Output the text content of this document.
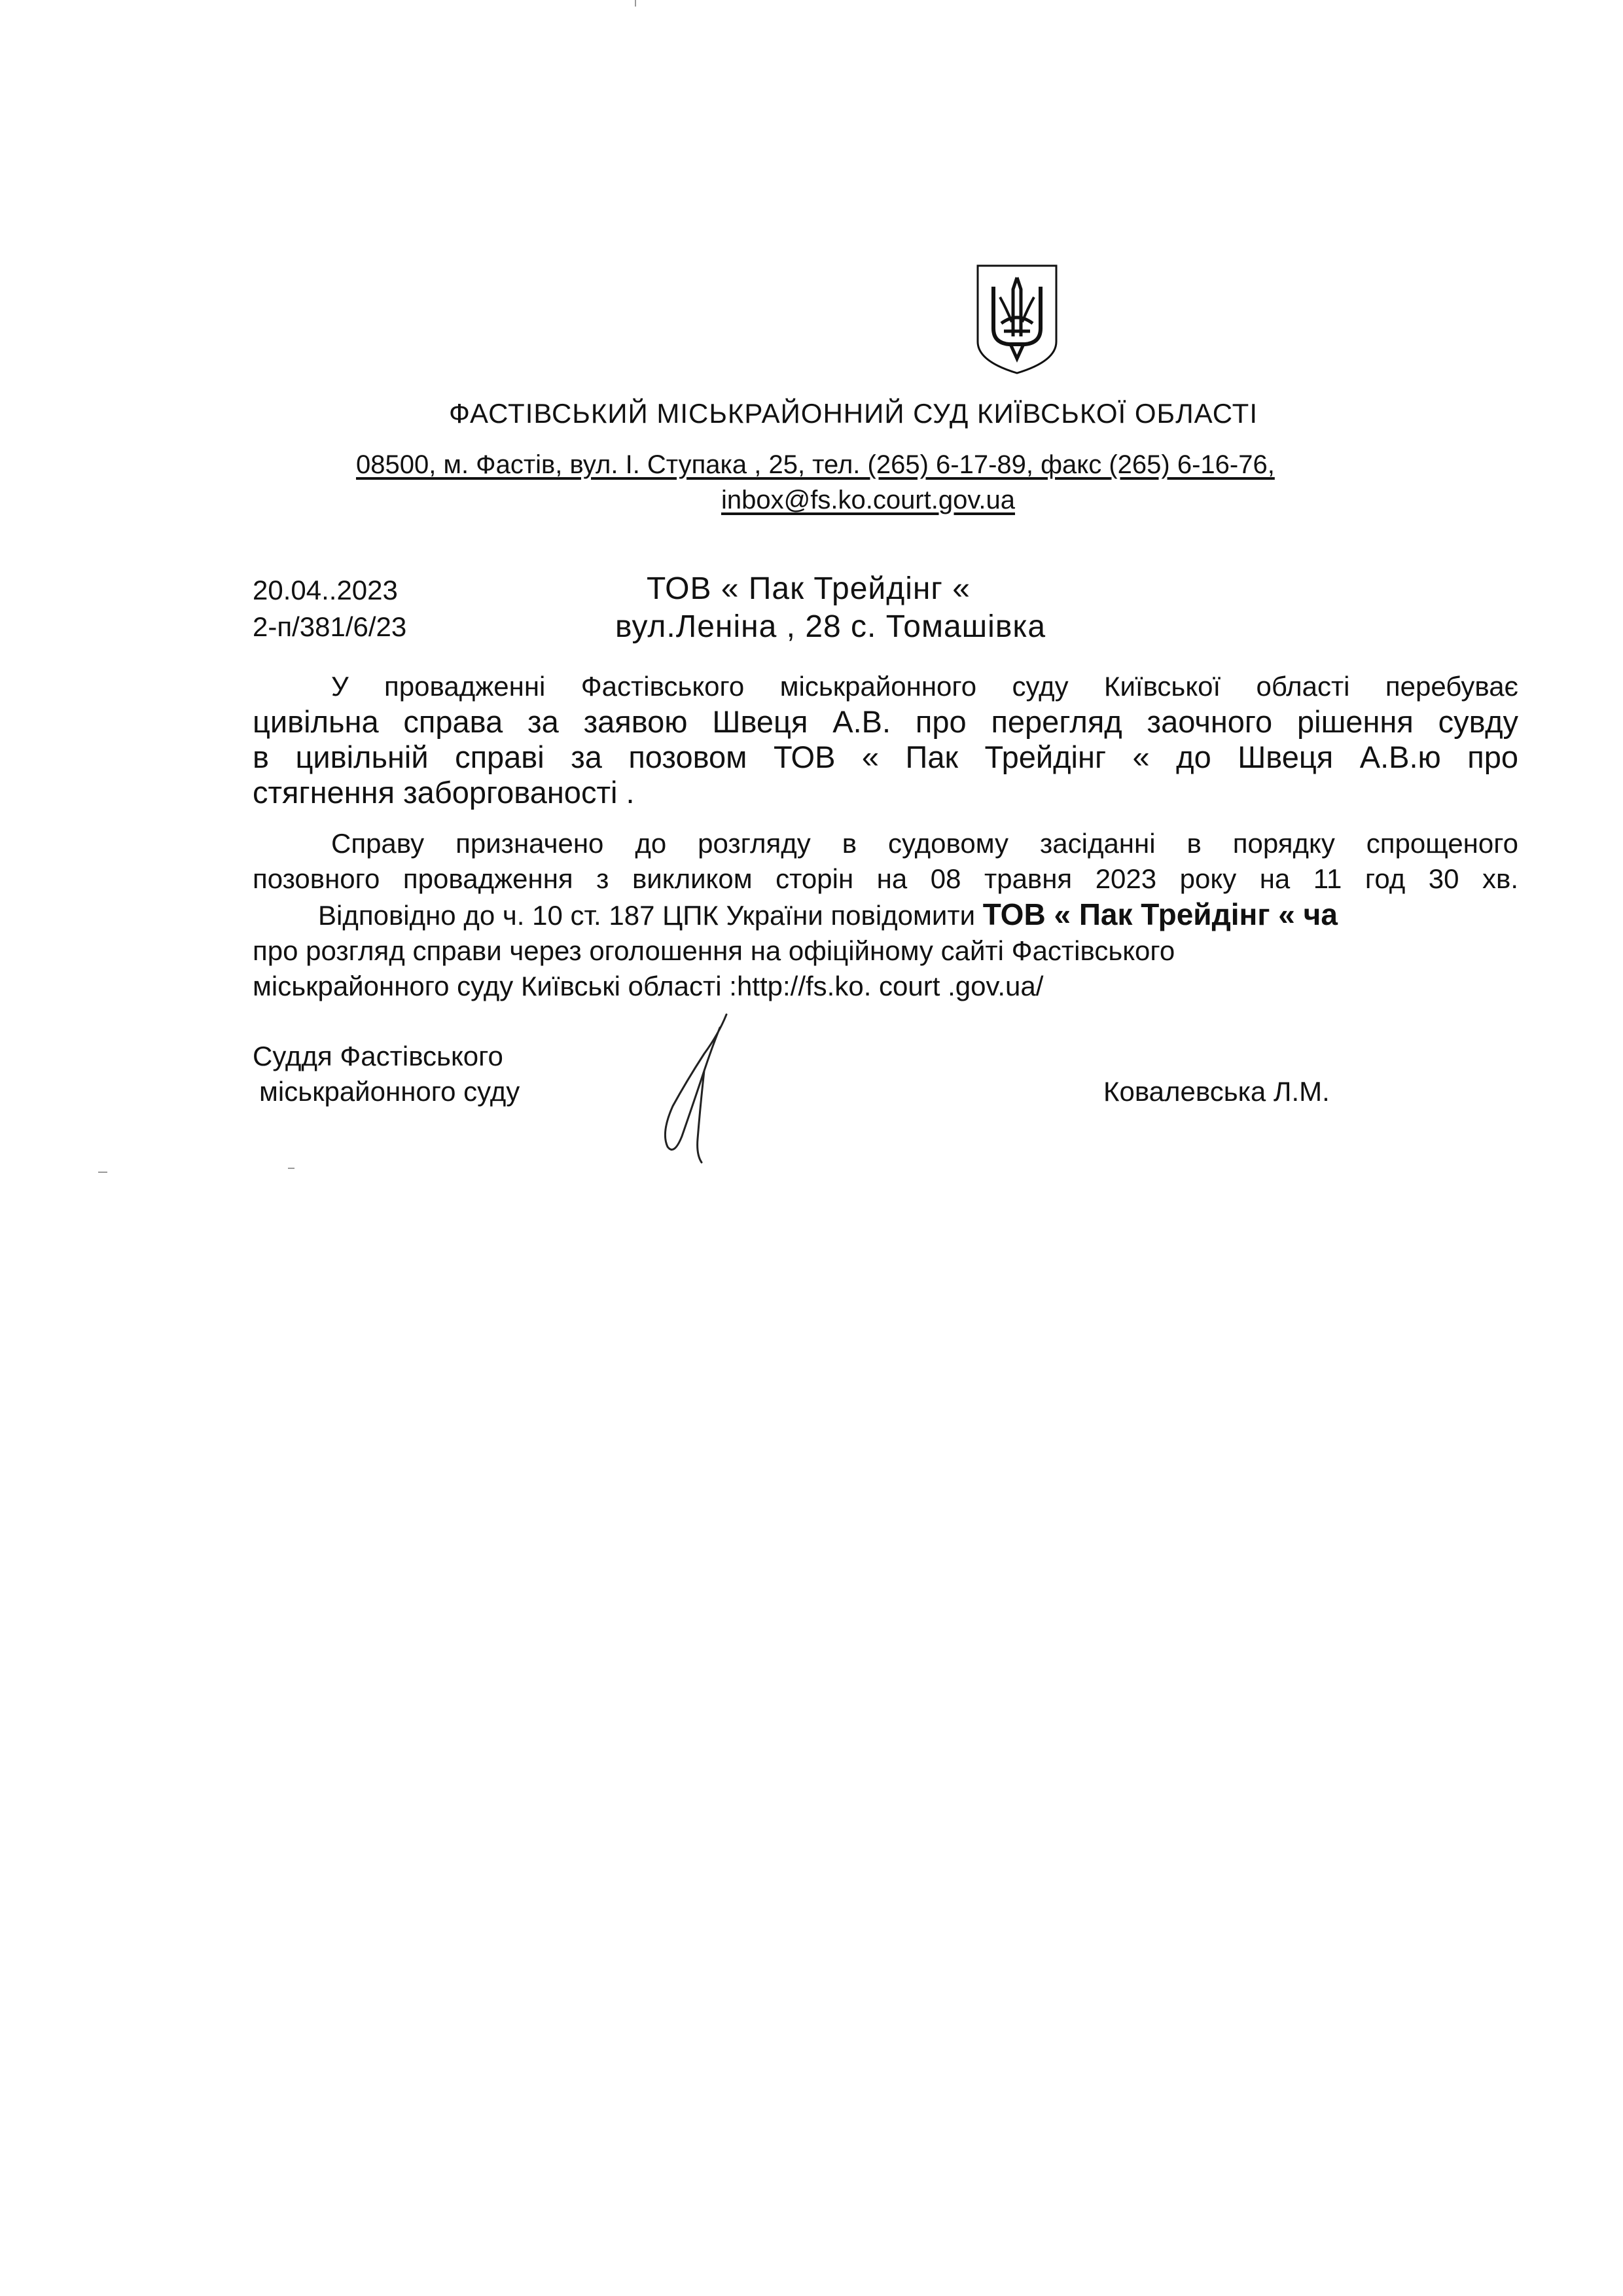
ФАСТІВСЬКИЙ МІСЬКРАЙОННИЙ СУД КИЇВСЬКОЇ ОБЛАСТІ
08500, м. Фастів, вул. І. Ступака , 25, тел. (265) 6-17-89, факс (265) 6-16-76,
inbox@fs.ko.court.gov.ua
20.04..2023
2-п/381/6/23
ТОВ « Пак Трейдінг «
вул.Леніна , 28 с. Томашівка
У провадженні Фастівського міськрайонного суду Київської області перебуває
цивільна справа за заявою Швеця А.В. про перегляд заочного рішення сувду
в цивільній справі за позовом ТОВ « Пак Трейдінг « до Швеця А.В.ю про
стягнення заборгованості .
Справу призначено до розгляду в судовому засіданні в порядку спрощеного
позовного провадження з викликом сторін на 08 травня 2023 року на 11 год 30 хв.
Відповідно до ч. 10 ст. 187 ЦПК України повідомити ТОВ « Пак Трейдінг « ча
про розгляд справи через оголошення на офіційному сайті Фастівського
міськрайонного суду Київські області :http://fs.ko. court .gov.ua/
Суддя Фастівського
міськрайонного суду	Ковалевська Л.М.
